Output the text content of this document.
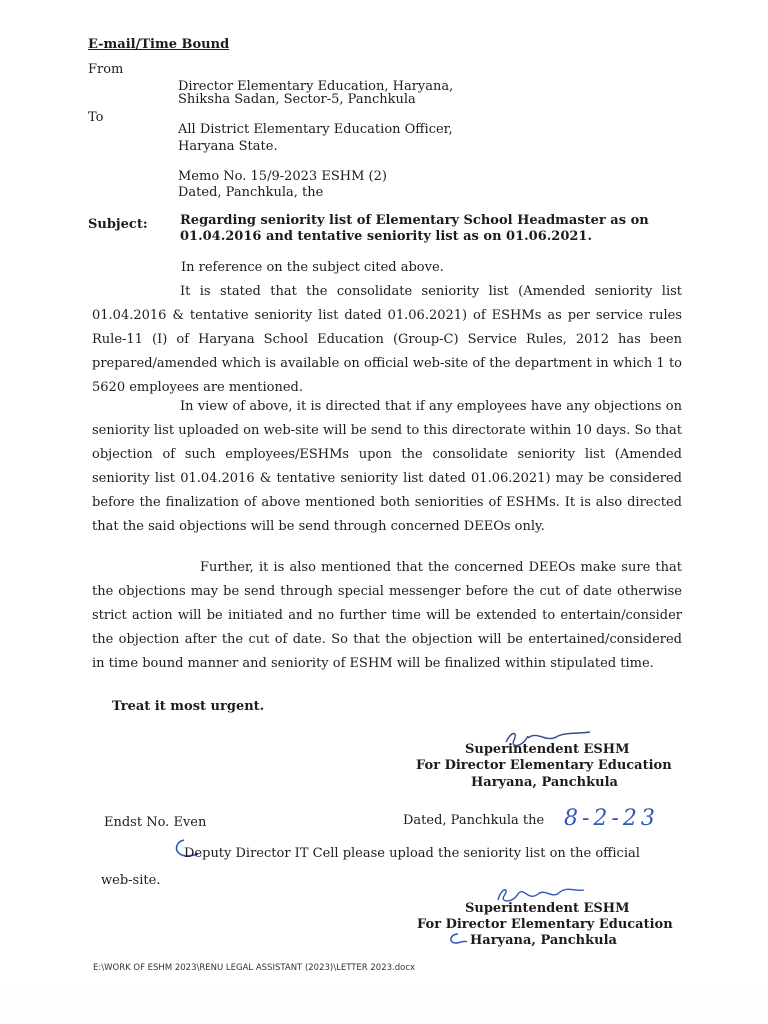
E-mail/Time Bound
From
Director Elementary Education, Haryana,
Shiksha Sadan, Sector-5, Panchkula
To
All District Elementary Education Officer,
Haryana State.
Memo No. 15/9-2023 ESHM (2)
Dated, Panchkula, the
Subject: Regarding seniority list of Elementary School Headmaster as on
01.04.2016 and tentative seniority list as on 01.06.2021.
In reference on the subject cited above.
It is stated that the consolidate seniority list (Amended seniority list 01.04.2016 & tentative seniority list dated 01.06.2021) of ESHMs as per service rules Rule-11 (I) of Haryana School Education (Group-C) Service Rules, 2012 has been prepared/amended which is available on official web-site of the department in which 1 to 5620 employees are mentioned.
In view of above, it is directed that if any employees have any objections on seniority list uploaded on web-site will be send to this directorate within 10 days. So that objection of such employees/ESHMs upon the consolidate seniority list (Amended seniority list 01.04.2016 & tentative seniority list dated 01.06.2021) may be considered before the finalization of above mentioned both seniorities of ESHMs. It is also directed that the said objections will be send through concerned DEEOs only.
Further, it is also mentioned that the concerned DEEOs make sure that the objections may be send through special messenger before the cut of date otherwise strict action will be initiated and no further time will be extended to entertain/consider the objection after the cut of date. So that the objection will be entertained/considered in time bound manner and seniority of ESHM will be finalized within stipulated time.
Treat it most urgent.
Superintendent ESHM
For Director Elementary Education
Haryana, Panchkula
Endst No. Even	Dated, Panchkula the 8-2-23
Deputy Director IT Cell please upload the seniority list on the official
web-site.
Superintendent ESHM
For Director Elementary Education
Haryana, Panchkula
E:\WORK OF ESHM 2023\RENU LEGAL ASSISTANT (2023)\LETTER 2023.docx
